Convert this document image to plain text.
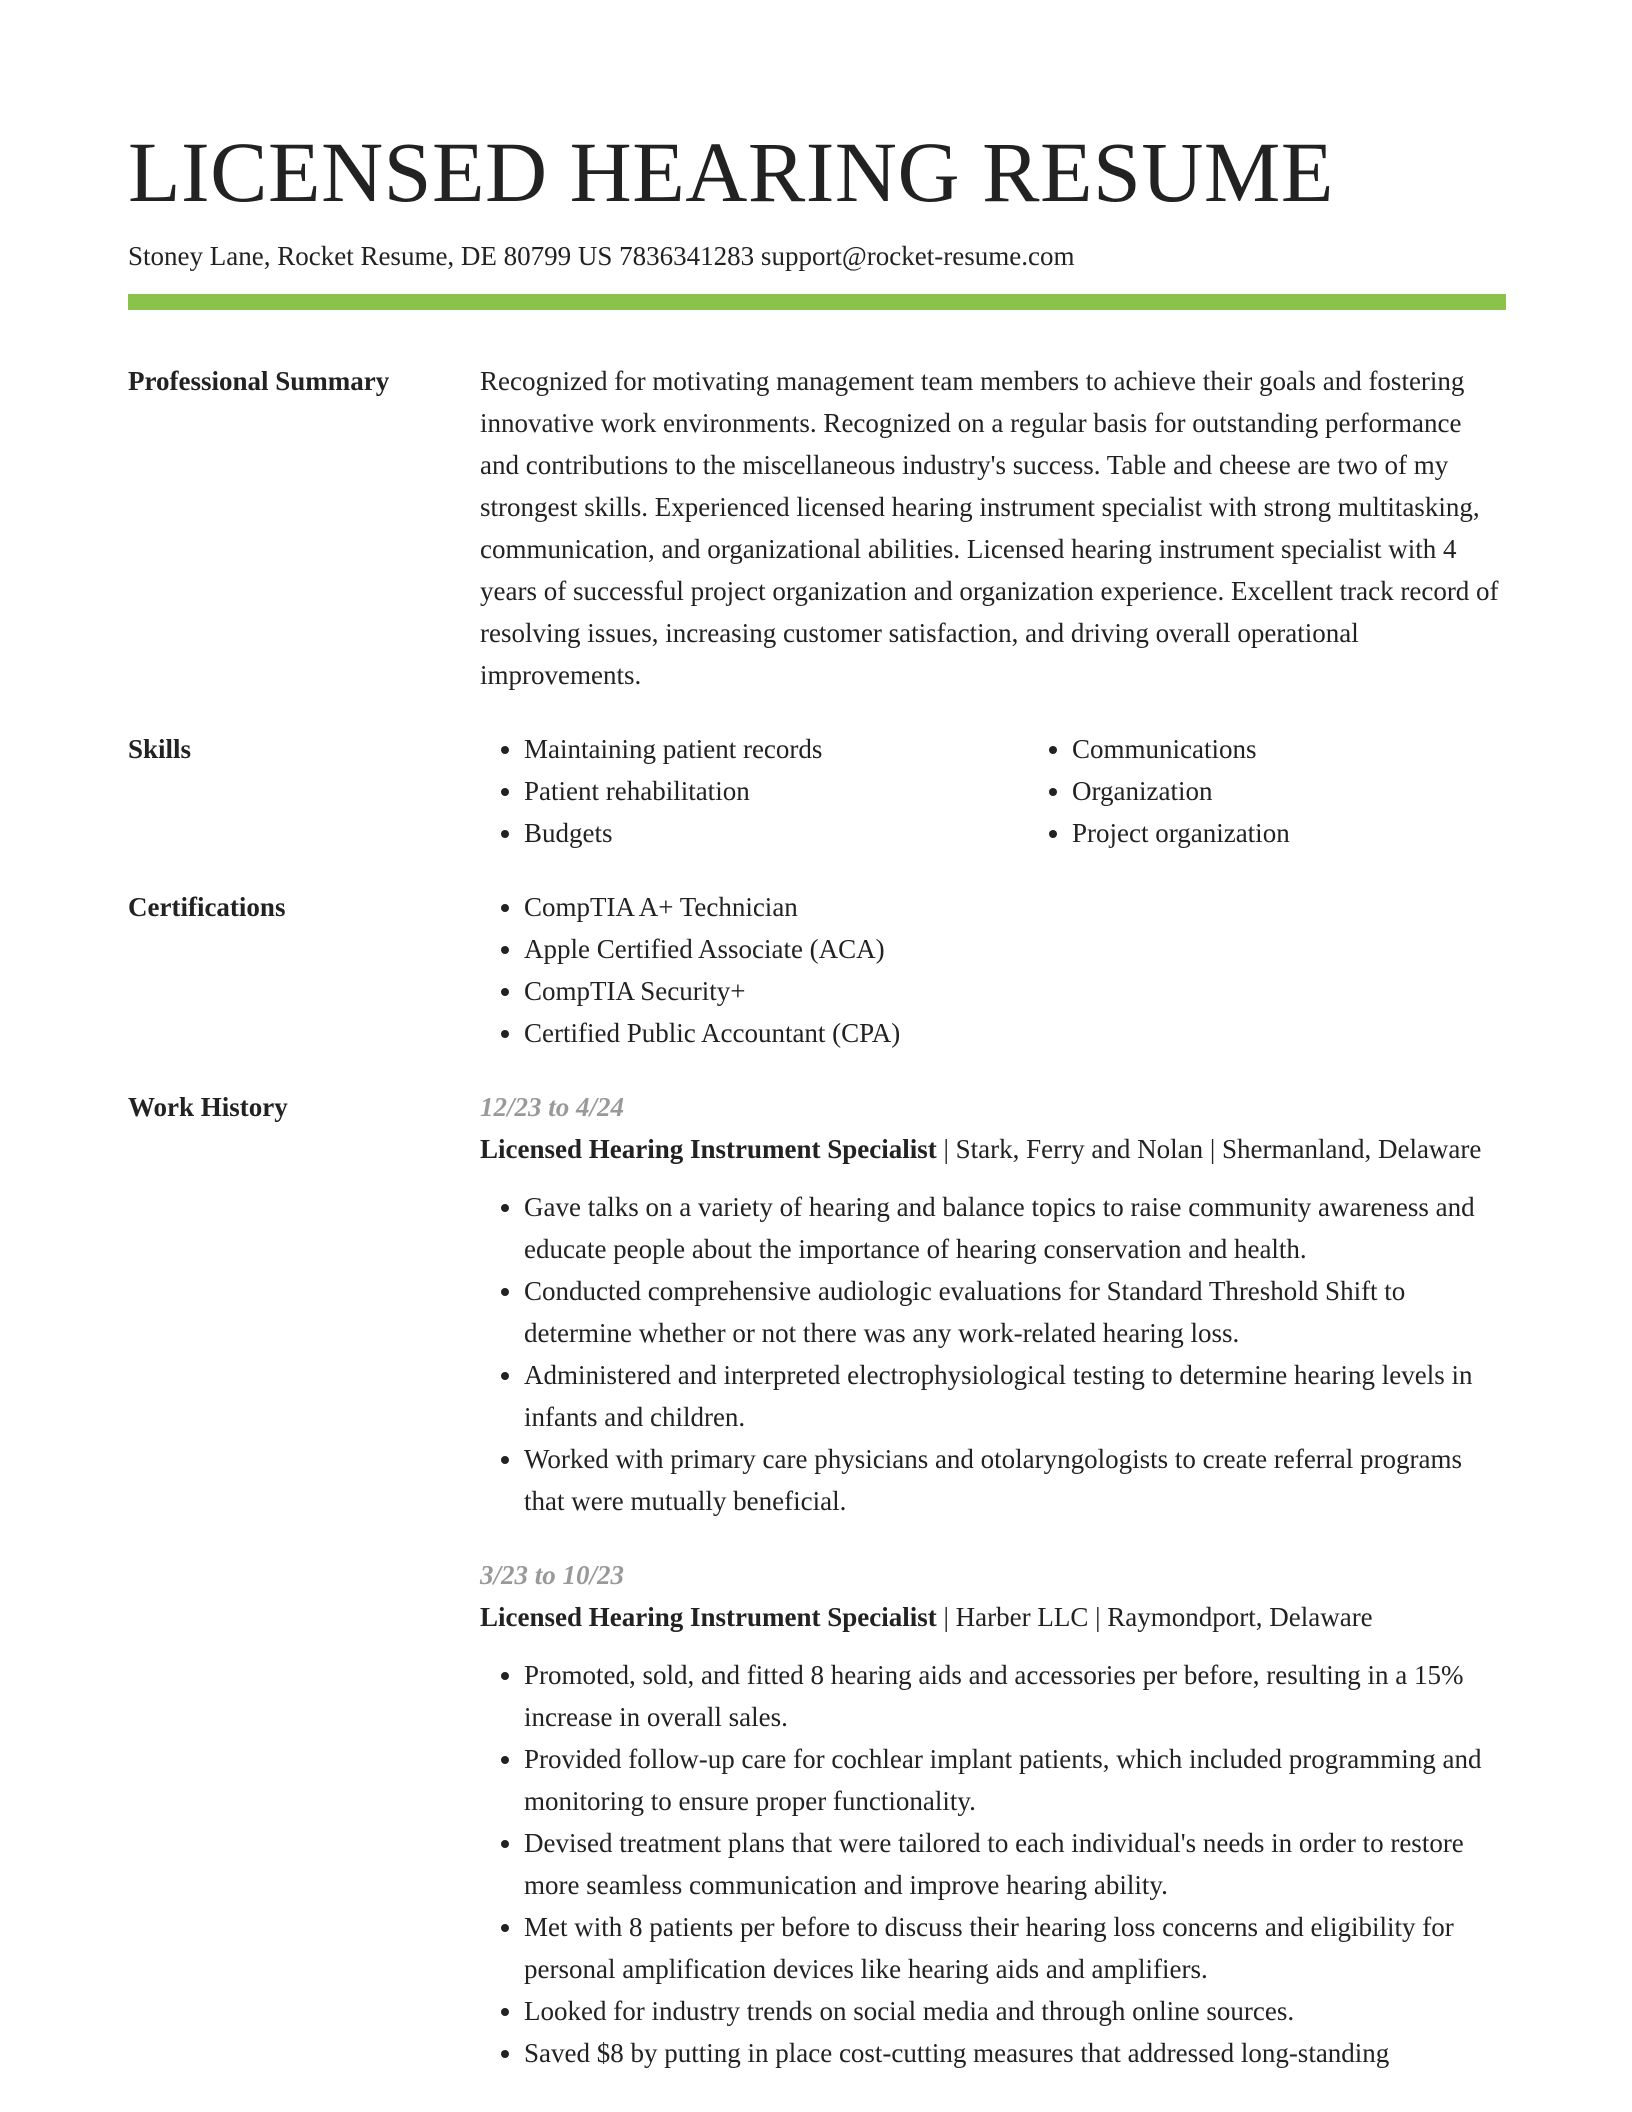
LICENSED HEARING RESUME
Stoney Lane, Rocket Resume, DE 80799 US 7836341283 support@rocket-resume.com
Professional Summary	Recognized for motivating management team members to achieve their goals and fostering innovative work environments. Recognized on a regular basis for outstanding performance and contributions to the miscellaneous industry's success. Table and cheese are two of my strongest skills. Experienced licensed hearing instrument specialist with strong multitasking, communication, and organizational abilities. Licensed hearing instrument specialist with 4 years of successful project organization and organization experience. Excellent track record of resolving issues, increasing customer satisfaction, and driving overall operational improvements.

Skills	• Maintaining patient records
• Patient rehabilitation
• Budgets
• Communications
• Organization
• Project organization
Certifications	• CompTIA A+ Technician
• Apple Certified Associate (ACA)
• CompTIA Security+
• Certified Public Accountant (CPA)
Work History	12/23 to 4/24
Licensed Hearing Instrument Specialist | Stark, Ferry and Nolan | Shermanland, Delaware
• Gave talks on a variety of hearing and balance topics to raise community awareness and educate people about the importance of hearing conservation and health.
• Conducted comprehensive audiologic evaluations for Standard Threshold Shift to determine whether or not there was any work-related hearing loss.
• Administered and interpreted electrophysiological testing to determine hearing levels in infants and children.
• Worked with primary care physicians and otolaryngologists to create referral programs that were mutually beneficial.
3/23 to 10/23
Licensed Hearing Instrument Specialist | Harber LLC | Raymondport, Delaware
• Promoted, sold, and fitted 8 hearing aids and accessories per before, resulting in a 15% increase in overall sales.
• Provided follow-up care for cochlear implant patients, which included programming and monitoring to ensure proper functionality.
• Devised treatment plans that were tailored to each individual's needs in order to restore more seamless communication and improve hearing ability.
• Met with 8 patients per before to discuss their hearing loss concerns and eligibility for personal amplification devices like hearing aids and amplifiers.
• Looked for industry trends on social media and through online sources.
• Saved $8 by putting in place cost-cutting measures that addressed long-standing
